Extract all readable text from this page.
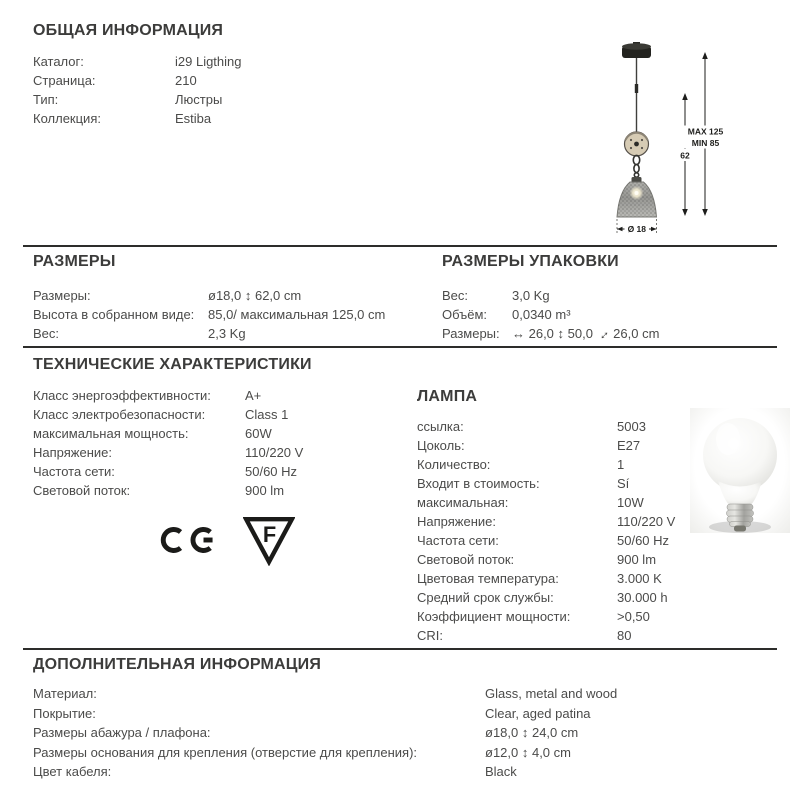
ОБЩАЯ ИНФОРМАЦИЯ
Каталог:	i29 Ligthing
Страница:	210
Тип:	Люстры
Коллекция:	Estiba
Ø 18
MAX 125
MIN 85
62
РАЗМЕРЫ
Размеры:	ø18,0 ↕ 62,0 cm
Высота в собранном виде:	85,0/ максимальная 125,0 cm
Вес:	2,3 Kg
РАЗМЕРЫ УПАКОВКИ
Вес:	3,0 Kg
Объём:	0,0340 m³
Размеры: ↔ 26,0 ↕ 50,0 ↔ 26,0 cm
ТЕХНИЧЕСКИЕ ХАРАКТЕРИСТИКИ
Класс энергоэффективности:	A+
Класс электробезопасности:	Class 1
максимальная мощность:	60W
Напряжение:	110/220 V
Частота сети:	50/60 Hz
Световой поток:	900 lm
F
ЛАМПА
ссылка:	5003
Цоколь:	E27
Количество:	1
Входит в стоимость:	Sí
максимальная:	10W
Напряжение:	110/220 V
Частота сети:	50/60 Hz
Световой поток:	900 lm
Цветовая температура:	3.000 K
Средний срок службы:	30.000 h
Коэффициент мощности:	>0,50
CRI:	80
ДОПОЛНИТЕЛЬНАЯ ИНФОРМАЦИЯ
Материал:	Glass, metal and wood
Покрытие:	Clear, aged patina
Размеры абажура / плафона:	ø18,0 ↕ 24,0 cm
Размеры основания для крепления (отверстие для крепления):	ø12,0 ↕ 4,0 cm
Цвет кабеля:	Black
